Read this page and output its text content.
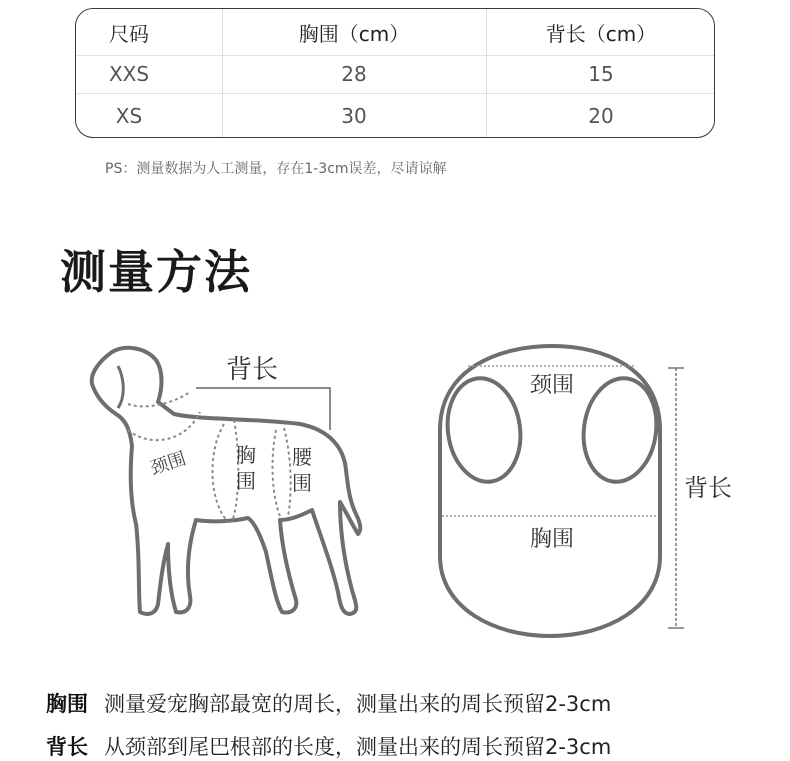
尺码	胸围（cm）	背长（cm）
XXS	28	15
XS	30	20
PS：测量数据为人工测量，存在1-3cm误差，尽请谅解
测量方法
背长
颈围 胸
围
腰
围
颈围
胸围
背长
胸围 测量爱宠胸部最宽的周长，测量出来的周长预留2-3cm
背长 从颈部到尾巴根部的长度，测量出来的周长预留2-3cm
